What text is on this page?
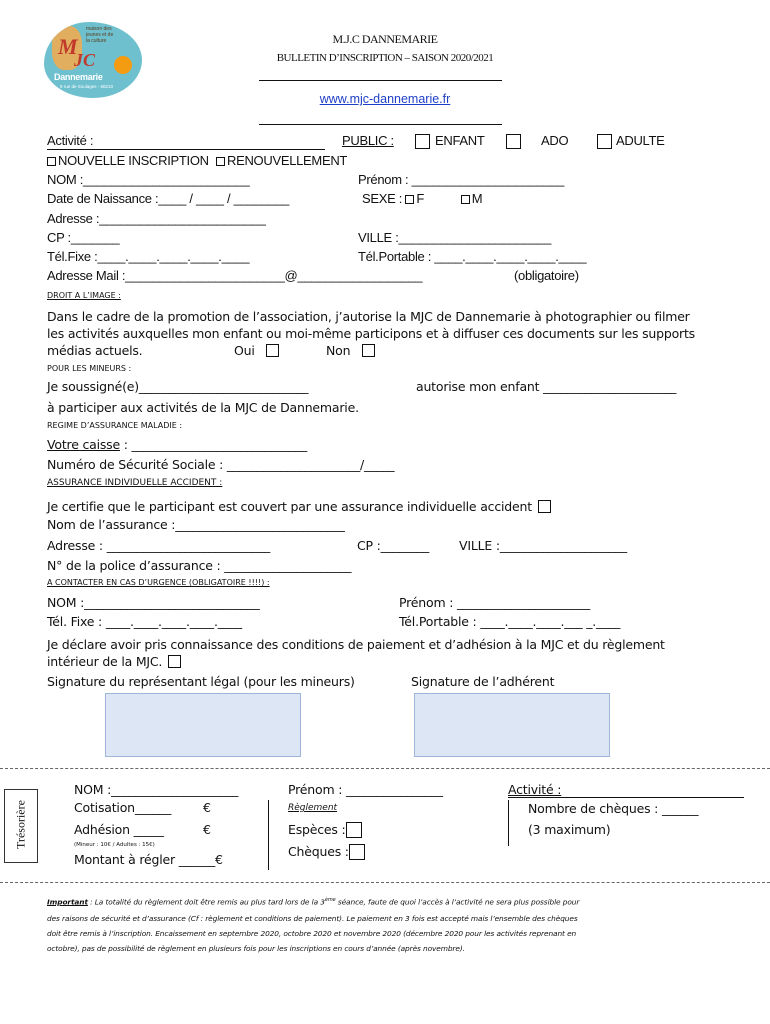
M
JC
maison des jeunes et de la culture
Dannemarie
8 rue de Soulages - 68210
M.J.C DANNEMARIE
BULLETIN D’INSCRIPTION – SAISON 2020/2021
www.mjc-dannemarie.fr
Activité :	PUBLIC :	ENFANT	ADO	ADULTE
NOUVELLE INSCRIPTION	RENOUVELLEMENT
NOM :________________________	Prénom : ______________________
Date de Naissance :____ / ____ / ________	SEXE : F	M
Adresse :________________________
CP :_______	VILLE :______________________
Tél.Fixe :____.____.____.____.____	Tél.Portable : ____.____.____.____.____
Adresse Mail :_______________________@__________________	(obligatoire)
DROIT A L’IMAGE :
Dans le cadre de la promotion de l’association, j’autorise la MJC de Dannemarie à photographier ou filmer
les activités auxquelles mon enfant ou moi-même participons et à diffuser ces documents sur les supports
médias actuels.	Oui	Non
POUR LES MINEURS :
Je soussigné(e)____________________________	autorise mon enfant ______________________
à participer aux activités de la MJC de Dannemarie.
REGIME D’ASSURANCE MALADIE :
Votre caisse : _____________________________
Numéro de Sécurité Sociale : ______________________/_____
ASSURANCE INDIVIDUELLE ACCIDENT :
Je certifie que le participant est couvert par une assurance individuelle accident
Nom de l’assurance :____________________________
Adresse : ___________________________	CP :________ VILLE :_____________________
N° de la police d’assurance : _____________________
A CONTACTER EN CAS D’URGENCE (OBLIGATOIRE !!!!) :
NOM :_____________________________	Prénom : ______________________
Tél. Fixe : ____.____.____.____.____	Tél.Portable : ____.____.____.___ _.____
Je déclare avoir pris connaissance des conditions de paiement et d’adhésion à la MJC et du règlement
intérieur de la MJC.
Signature du représentant légal (pour les mineurs)	Signature de l’adhérent
Trésorière
NOM :_____________________	Prénom : ________________	Activité :
Cotisation______	€
Adhésion _____	€
(Mineur : 10€ / Adultes : 15€)
Montant à régler ______€
Règlement
Espèces :
Chèques :
Nombre de chèques : ______
(3 maximum)
Important : La totalité du règlement doit être remis au plus tard lors de la 3ème séance, faute de quoi l’accès à l’activité ne sera plus possible pour
des raisons de sécurité et d’assurance (Cf : règlement et conditions de paiement). Le paiement en 3 fois est accepté mais l’ensemble des chèques
doit être remis à l’inscription. Encaissement en septembre 2020, octobre 2020 et novembre 2020 (décembre 2020 pour les activités reprenant en
octobre), pas de possibilité de règlement en plusieurs fois pour les inscriptions en cours d’année (après novembre).
